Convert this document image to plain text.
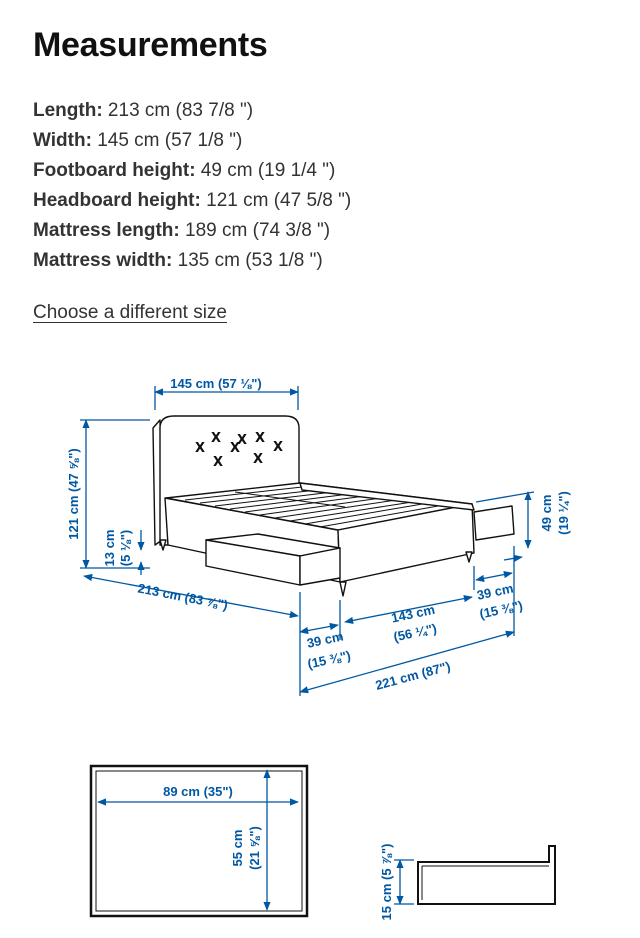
Measurements
Length: 213 cm (83 7/8 ")
Width: 145 cm (57 1/8 ")
Footboard height: 49 cm (19 1/4 ")
Headboard height: 121 cm (47 5/8 ")
Mattress length: 189 cm (74 3/8 ")
Mattress width: 135 cm (53 1/8 ")
Choose a different size
X
X
X
X
X X
X
X
145 cm (57 ⅛")
121 cm (47 ⅝")
13 cm (5 ⅛")
213 cm (83 ⅞")
49 cm (19 ¼")
39 cm
(15 ⅜")
143 cm
(56 ¼")
39 cm
(15 ⅜")
221 cm (87")
89 cm (35")
55 cm (21 ⅝")	15 cm (5 ⅞")
